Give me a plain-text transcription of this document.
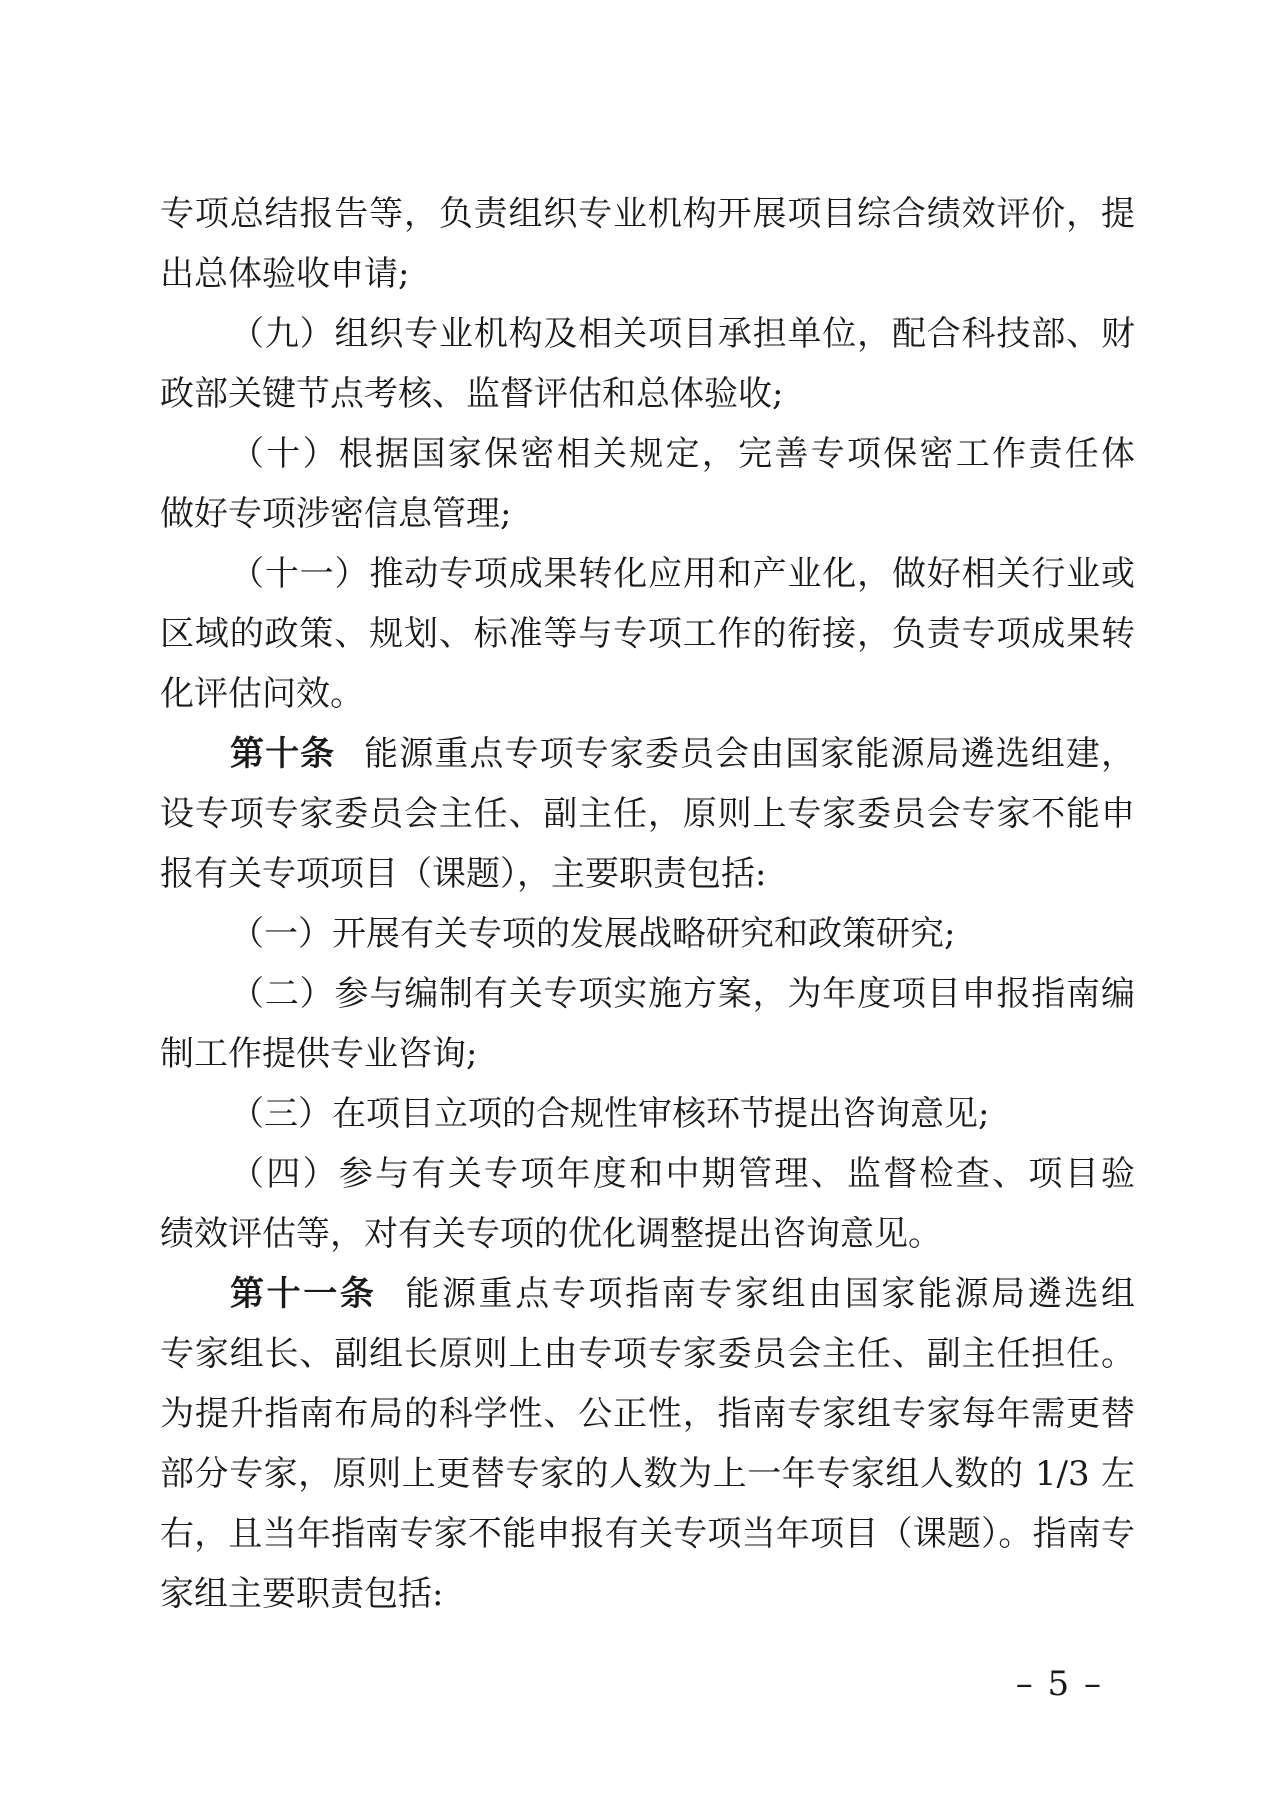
专项总结报告等，负责组织专业机构开展项目综合绩效评价，提
出总体验收申请;
（九）组织专业机构及相关项目承担单位，配合科技部、财
政部关键节点考核、监督评估和总体验收;
（十）根据国家保密相关规定，完善专项保密工作责任体
做好专项涉密信息管理;
（十一）推动专项成果转化应用和产业化，做好相关行业或
区域的政策、规划、标准等与专项工作的衔接，负责专项成果转
化评估问效。
第十条 能源重点专项专家委员会由国家能源局遴选组建，
设专项专家委员会主任、副主任，原则上专家委员会专家不能申
报有关专项项目（课题），主要职责包括:
（一）开展有关专项的发展战略研究和政策研究;
（二）参与编制有关专项实施方案，为年度项目申报指南编
制工作提供专业咨询;
（三）在项目立项的合规性审核环节提出咨询意见;
（四）参与有关专项年度和中期管理、监督检查、项目验
绩效评估等，对有关专项的优化调整提出咨询意见。
第十一条 能源重点专项指南专家组由国家能源局遴选组
专家组长、副组长原则上由专项专家委员会主任、副主任担任。
为提升指南布局的科学性、公正性，指南专家组专家每年需更替
部分专家，原则上更替专家的人数为上一年专家组人数的 1/3 左
右，且当年指南专家不能申报有关专项当年项目（课题）。指南专
家组主要职责包括:
– 5 –
